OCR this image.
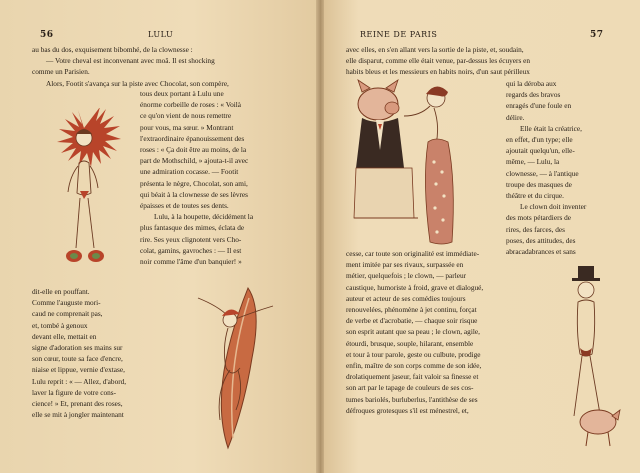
56	LULU

au bas du dos, exquisement bibomhé, de la clownesse :

— Votre cheval est inconvenant avec moâ. Il est shocking

comme un Parisien.

Alors, Footit s'avança sur la piste avec Chocolat, son compère,

tous deux portant à Lulu une

énorme corbeille de roses : « Voilà

ce qu'on vient de nous remettre

pour vous, ma sœur. » Montrant

l'extraordinaire épanouissement des

roses : « Ça doit être au moins, de la

part de Mothschild, » ajouta-t-il avec

une admiration cocasse. — Footit

présenta le nègre, Chocolat, son ami,

qui béait à la clownesse de ses lèvres

épaisses et de toutes ses dents.

Lulu, à la houpette, décidément la

plus fantasque des mimes, éclata de

rire. Ses yeux clignotent vers Cho-

colat, gamins, gavroches : — Il est

noir comme l'âme d'un banquier! »

dit-elle en pouffant.

Comme l'auguste mori-

caud ne comprenait pas,

et, tombé à genoux

devant elle, mettait en

signe d'adoration ses mains sur

son cœur, toute sa face d'encre,

niaise et lippue, vernie d'extase,

Lulu reprit : « — Allez, d'abord,

laver la figure de votre cons-

cience! » Et, prenant des roses,

elle se mit à jongler maintenant

REINE DE PARIS	57

avec elles, en s'en allant vers la sortie de la piste, et, soudain,

elle disparut, comme elle était venue, par-dessus les écuyers en

habits bleus et les messieurs en habits noirs, d'un saut périlleux

qui la déroba aux

regards des bravos

enragés d'une foule en

délire.

Elle était la créatrice,

en effet, d'un type; elle

ajoutait quelqu'un, elle-

même, — Lulu, la

clownesse, — à l'antique

troupe des masques de

théâtre et du cirque.

Le clown doit inventer

des mots pétardiers de

rires, des farces, des

poses, des attitudes, des

abracadabrances et sans

cesse, car toute son originalité est immédiate-

ment imitée par ses rivaux, surpassée en

métier, quelquefois ; le clown, — parleur

caustique, humoriste à froid, grave et dialogué,

auteur et acteur de ses comédies toujours

renouvelées, phénomène à jet continu, forçat

de verbe et d'acrobatie, — chaque soir risque

son esprit autant que sa peau ; le clown, agile,

étourdi, brusque, souple, hilarant, ensemble

et tour à tour parole, geste ou culbute, prodige

enfin, maître de son corps comme de son idée,

drolatiquement jaseur, fait valoir sa finesse et

son art par le tapage de couleurs de ses cos-

tumes bariolés, burluberlus, l'antithèse de ses

défroques grotesques s'il est ménestrel, et,
